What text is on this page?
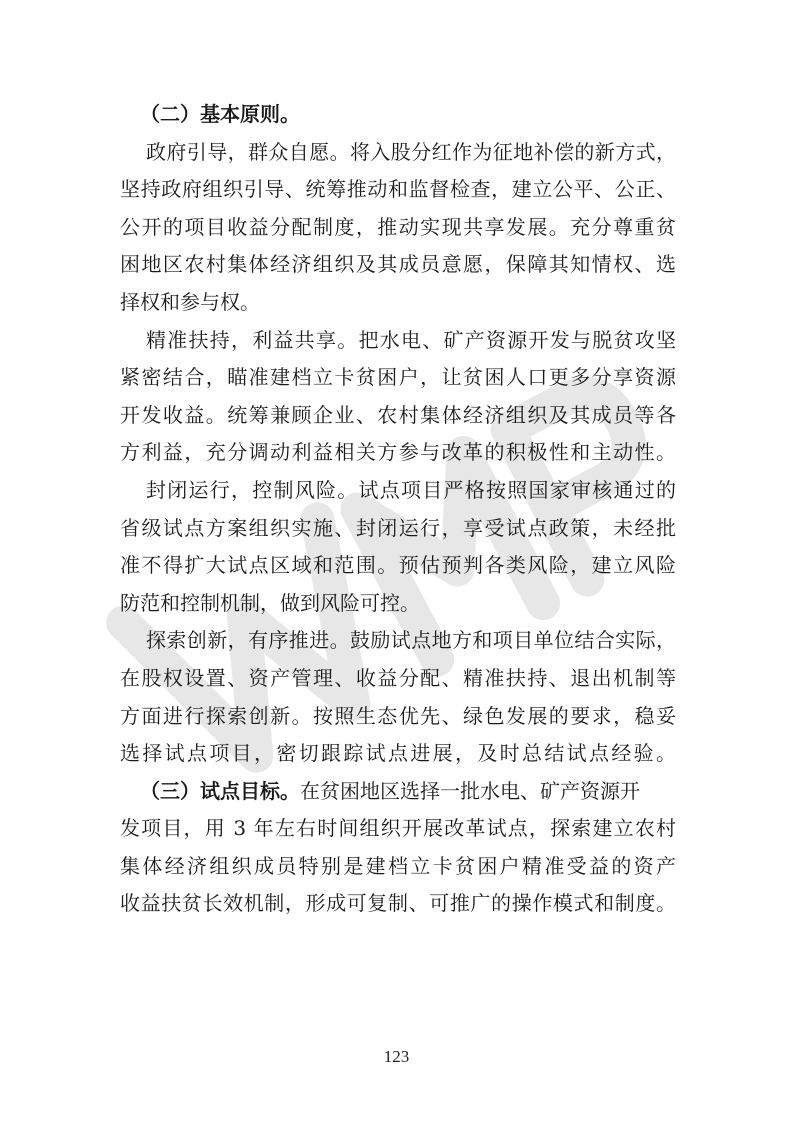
（二）基本原则。
政府引导，群众自愿。将入股分红作为征地补偿的新方式，
坚持政府组织引导、统筹推动和监督检查，建立公平、公正、
公开的项目收益分配制度，推动实现共享发展。充分尊重贫
困地区农村集体经济组织及其成员意愿，保障其知情权、选
择权和参与权。
精准扶持，利益共享。把水电、矿产资源开发与脱贫攻坚
紧密结合，瞄准建档立卡贫困户，让贫困人口更多分享资源
开发收益。统筹兼顾企业、农村集体经济组织及其成员等各
方利益，充分调动利益相关方参与改革的积极性和主动性。
封闭运行，控制风险。试点项目严格按照国家审核通过的
省级试点方案组织实施、封闭运行，享受试点政策，未经批
准不得扩大试点区域和范围。预估预判各类风险，建立风险
防范和控制机制，做到风险可控。
探索创新，有序推进。鼓励试点地方和项目单位结合实际，
在股权设置、资产管理、收益分配、精准扶持、退出机制等
方面进行探索创新。按照生态优先、绿色发展的要求，稳妥
选择试点项目，密切跟踪试点进展，及时总结试点经验。
（三）试点目标。在贫困地区选择一批水电、矿产资源开
发项目，用 3 年左右时间组织开展改革试点，探索建立农村
集体经济组织成员特别是建档立卡贫困户精准受益的资产
收益扶贫长效机制，形成可复制、可推广的操作模式和制度。
123
